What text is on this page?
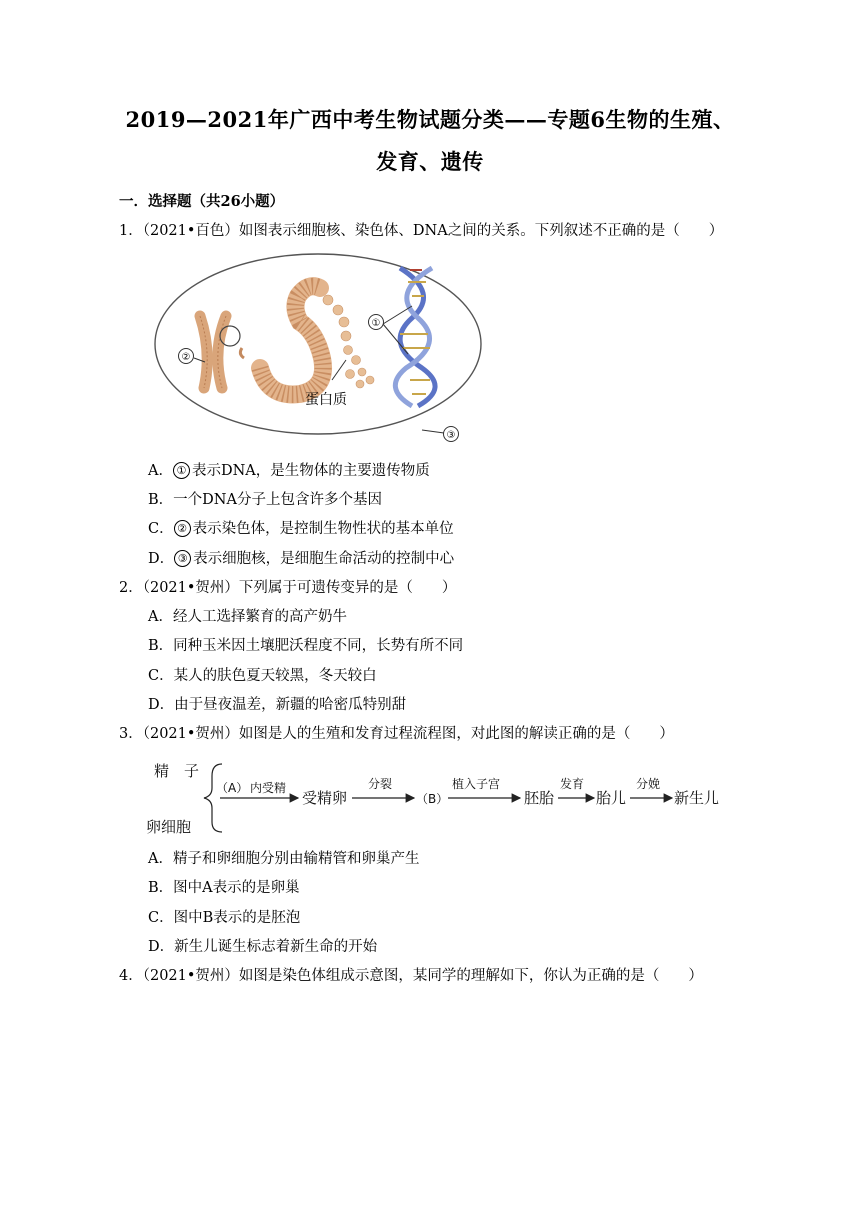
2019—2021年广西中考生物试题分类——专题6生物的生殖、
发育、遗传
一．选择题（共26小题）
1．（2021•百色）如图表示细胞核、染色体、DNA之间的关系。下列叙述不正确的是（　　）
①
②
③
蛋白质
A． ① 表示DNA，是生物体的主要遗传物质
B．一个DNA分子上包含许多个基因
C． ② 表示染色体，是控制生物性状的基本单位
D． ③ 表示细胞核，是细胞生命活动的控制中心
2．（2021•贺州）下列属于可遗传变异的是（　　）
A．经人工选择繁育的高产奶牛
B．同种玉米因土壤肥沃程度不同，长势有所不同
C．某人的肤色夏天较黑，冬天较白
D．由于昼夜温差，新疆的哈密瓜特别甜
3．（2021•贺州）如图是人的生殖和发育过程流程图，对此图的解读正确的是（　　）
精　子
卵细胞
（A） 内受精
受精卵
分裂
（B）
植入子宫
胚胎
发育
胎儿
分娩
新生儿
A．精子和卵细胞分别由输精管和卵巢产生
B．图中A表示的是卵巢
C．图中B表示的是胚泡
D．新生儿诞生标志着新生命的开始
4．（2021•贺州）如图是染色体组成示意图，某同学的理解如下，你认为正确的是（　　）
